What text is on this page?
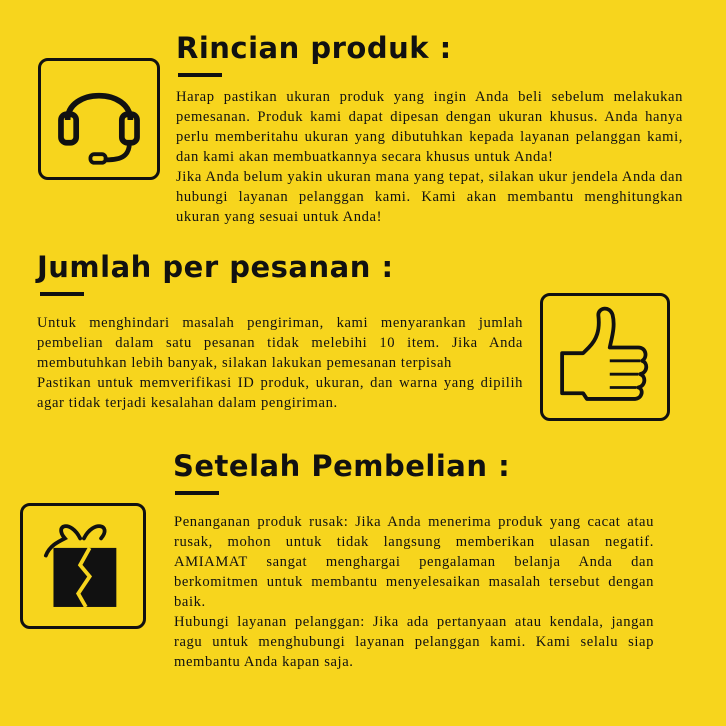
Rincian produk :

Harap pastikan ukuran produk yang ingin Anda beli sebelum melakukan pemesanan. Produk kami dapat dipesan dengan ukuran khusus. Anda hanya perlu memberitahu ukuran yang dibutuhkan kepada layanan pelanggan kami, dan kami akan membuatkannya secara khusus untuk Anda!

Jika Anda belum yakin ukuran mana yang tepat, silakan ukur jendela Anda dan hubungi layanan pelanggan kami. Kami akan membantu menghitungkan ukuran yang sesuai untuk Anda!

Jumlah per pesanan :

Untuk menghindari masalah pengiriman, kami menyarankan jumlah pembelian dalam satu pesanan tidak melebihi 10 item. Jika Anda membutuhkan lebih banyak, silakan lakukan pemesanan terpisah

Pastikan untuk memverifikasi ID produk, ukuran, dan warna yang dipilih agar tidak terjadi kesalahan dalam pengiriman.

Setelah Pembelian :

Penanganan produk rusak: Jika Anda menerima produk yang cacat atau rusak, mohon untuk tidak langsung memberikan ulasan negatif. AMIAMAT sangat menghargai pengalaman belanja Anda dan berkomitmen untuk membantu menyelesaikan masalah tersebut dengan baik.

Hubungi layanan pelanggan: Jika ada pertanyaan atau kendala, jangan ragu untuk menghubungi layanan pelanggan kami. Kami selalu siap membantu Anda kapan saja.
